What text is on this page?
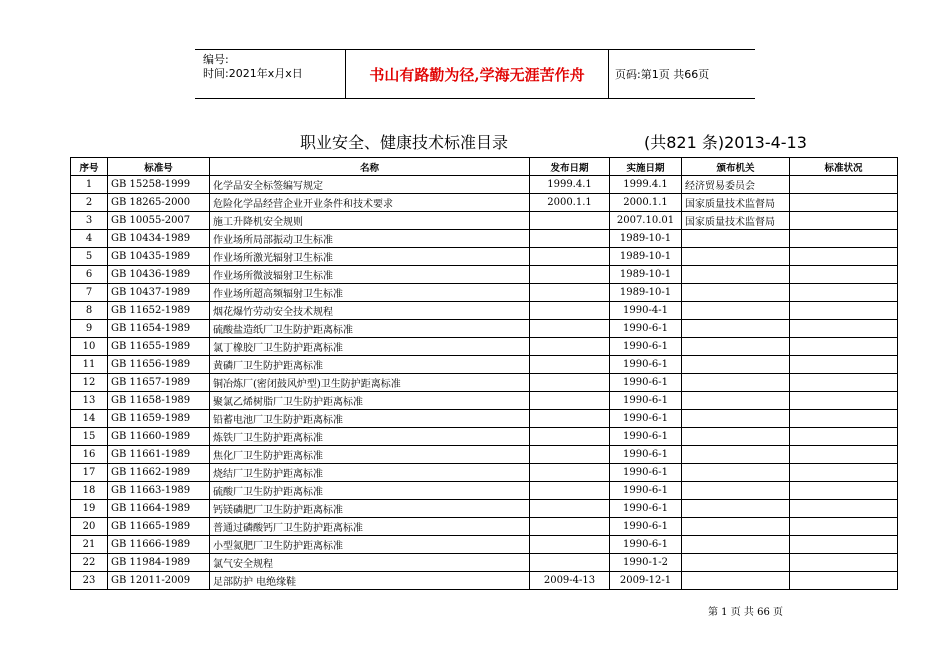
编号:
时间:2021年x月x日	书山有路勤为径,学海无涯苦作舟	页码:第1页 共66页
职业安全、健康技术标准目录	(共821 条)2013-4-13
序号	标准号	名称	发布日期	实施日期	颁布机关	标准状况
1	GB 15258-1999	化学品安全标签编写规定	1999.4.1	1999.4.1	经济贸易委员会	
2	GB 18265-2000	危险化学品经营企业开业条件和技术要求	2000.1.1	2000.1.1	国家质量技术监督局	
3	GB 10055-2007	施工升降机安全规则		2007.10.01	国家质量技术监督局	
4	GB 10434-1989	作业场所局部振动卫生标准		1989-10-1		
5	GB 10435-1989	作业场所激光辐射卫生标准		1989-10-1		
6	GB 10436-1989	作业场所微波辐射卫生标准		1989-10-1		
7	GB 10437-1989	作业场所超高频辐射卫生标准		1989-10-1		
8	GB 11652-1989	烟花爆竹劳动安全技术规程		1990-4-1		
9	GB 11654-1989	硫酸盐造纸厂卫生防护距离标准		1990-6-1		
10	GB 11655-1989	氯丁橡胶厂卫生防护距离标准		1990-6-1		
11	GB 11656-1989	黄磷厂卫生防护距离标准		1990-6-1		
12	GB 11657-1989	铜冶炼厂(密闭鼓风炉型)卫生防护距离标准		1990-6-1		
13	GB 11658-1989	聚氯乙烯树脂厂卫生防护距离标准		1990-6-1		
14	GB 11659-1989	铅蓄电池厂卫生防护距离标准		1990-6-1		
15	GB 11660-1989	炼铁厂卫生防护距离标准		1990-6-1		
16	GB 11661-1989	焦化厂卫生防护距离标准		1990-6-1		
17	GB 11662-1989	烧结厂卫生防护距离标准		1990-6-1		
18	GB 11663-1989	硫酸厂卫生防护距离标准		1990-6-1		
19	GB 11664-1989	钙镁磷肥厂卫生防护距离标准		1990-6-1		
20	GB 11665-1989	普通过磷酸钙厂卫生防护距离标准		1990-6-1		
21	GB 11666-1989	小型氮肥厂卫生防护距离标准		1990-6-1		
22	GB 11984-1989	氯气安全规程		1990-1-2		
23	GB 12011-2009	足部防护 电绝缘鞋	2009-4-13	2009-12-1		
第 1 页 共 66 页
